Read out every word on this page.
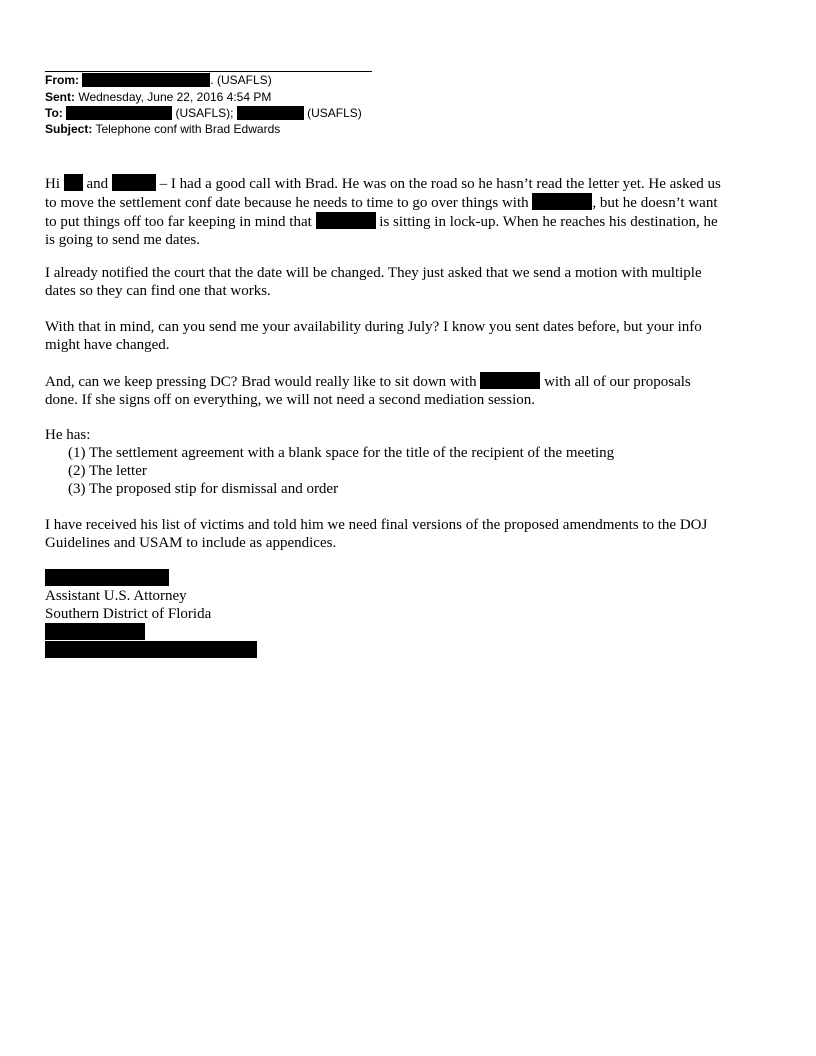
From:	. (USAFLS)
Sent: Wednesday, June 22, 2016 4:54 PM
To:	(USAFLS);	(USAFLS)
Subject: Telephone conf with Brad Edwards
Hi  and	– I had a good call with Brad. He was on the road so he hasn’t read the letter yet. He asked us
to move the settlement conf date because he needs to time to go over things with	, but he doesn’t want
to put things off too far keeping in mind that	is sitting in lock-up. When he reaches his destination, he
is going to send me dates.
I already notified the court that the date will be changed. They just asked that we send a motion with multiple
dates so they can find one that works.
With that in mind, can you send me your availability during July? I know you sent dates before, but your info
might have changed.
And, can we keep pressing DC? Brad would really like to sit down with	with all of our proposals
done. If she signs off on everything, we will not need a second mediation session.
He has:
(1) The settlement agreement with a blank space for the title of the recipient of the meeting
(2) The letter
(3) The proposed stip for dismissal and order
I have received his list of victims and told him we need final versions of the proposed amendments to the DOJ
Guidelines and USAM to include as appendices.
Assistant U.S. Attorney
Southern District of Florida
